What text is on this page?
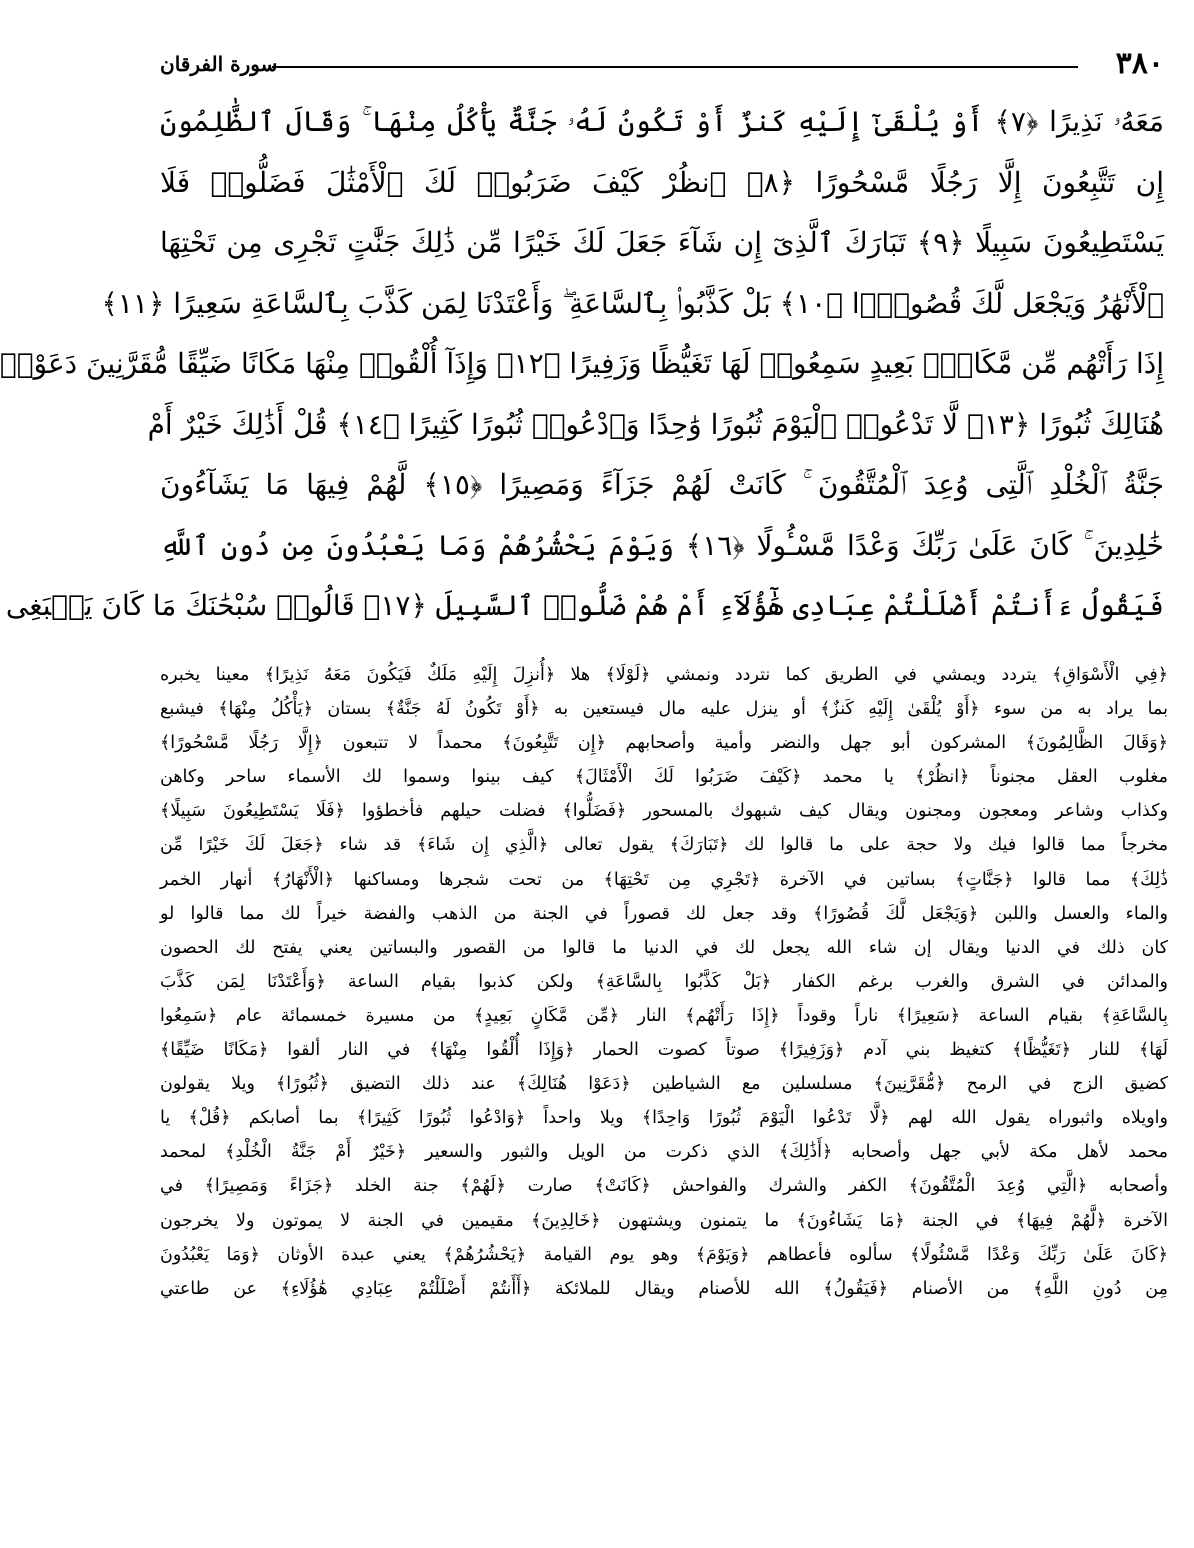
٣٨٠
سورة الفرقان
مَعَهُۥ نَذِيرًا ﴿٧﴾ أَوْ يُلْقَىٰٓ إِلَيْهِ كَنزٌ أَوْ تَكُونُ لَهُۥ جَنَّةٌ يَأْكُلُ مِنْهَا ۚ وَقَالَ ٱلظَّٰلِمُونَ
إِن تَتَّبِعُونَ إِلَّا رَجُلًا مَّسْحُورًا ﴿٨﴾ ٱنظُرْ كَيْفَ ضَرَبُوا۟ لَكَ ٱلْأَمْثَٰلَ فَضَلُّوا۟ فَلَا
يَسْتَطِيعُونَ سَبِيلًا ﴿٩﴾ تَبَارَكَ ٱلَّذِىٓ إِن شَآءَ جَعَلَ لَكَ خَيْرًا مِّن ذَٰلِكَ جَنَّٰتٍ تَجْرِى مِن تَحْتِهَا
ٱلْأَنْهَٰرُ وَيَجْعَل لَّكَ قُصُورًۢا ﴿١٠﴾ بَلْ كَذَّبُوا۟ بِٱلسَّاعَةِ ۖ وَأَعْتَدْنَا لِمَن كَذَّبَ بِٱلسَّاعَةِ سَعِيرًا ﴿١١﴾
إِذَا رَأَتْهُم مِّن مَّكَانٍۭ بَعِيدٍ سَمِعُوا۟ لَهَا تَغَيُّظًا وَزَفِيرًا ﴿١٢﴾ وَإِذَآ أُلْقُوا۟ مِنْهَا مَكَانًا ضَيِّقًا مُّقَرَّنِينَ دَعَوْا۟
هُنَالِكَ ثُبُورًا ﴿١٣﴾ لَّا تَدْعُوا۟ ٱلْيَوْمَ ثُبُورًا وَٰحِدًا وَٱدْعُوا۟ ثُبُورًا كَثِيرًا ﴿١٤﴾ قُلْ أَذَٰلِكَ خَيْرٌ أَمْ
جَنَّةُ ٱلْخُلْدِ ٱلَّتِى وُعِدَ ٱلْمُتَّقُونَ ۚ كَانَتْ لَهُمْ جَزَآءً وَمَصِيرًا ﴿١٥﴾ لَّهُمْ فِيهَا مَا يَشَآءُونَ
خَٰلِدِينَ ۚ كَانَ عَلَىٰ رَبِّكَ وَعْدًا مَّسْـُٔولًا ﴿١٦﴾ وَيَوْمَ يَحْشُرُهُمْ وَمَا يَعْبُدُونَ مِن دُونِ ٱللَّهِ
فَيَقُولُ ءَأَنتُمْ أَضْلَلْتُمْ عِبَادِى هَٰٓؤُلَآءِ أَمْ هُمْ ضَلُّوا۟ ٱلسَّبِيلَ ﴿١٧﴾ قَالُوا۟ سُبْحَٰنَكَ مَا كَانَ يَنۢبَغِى
﴿فِي الْأَسْوَاقِ﴾ يتردد ويمشي في الطريق كما نتردد ونمشي ﴿لَوْلَا﴾ هلا ﴿أُنزِلَ إِلَيْهِ مَلَكٌ فَيَكُونَ مَعَهُ نَذِيرًا﴾ معينا يخبره
بما يراد به من سوء ﴿أَوْ يُلْقَىٰ إِلَيْهِ كَنزٌ﴾ أو ينزل عليه مال فيستعين به ﴿أَوْ تَكُونُ لَهُ جَنَّةٌ﴾ بستان ﴿يَأْكُلُ مِنْهَا﴾ فيشبع
﴿وَقَالَ الظَّالِمُونَ﴾ المشركون أبو جهل والنضر وأمية وأصحابهم ﴿إِن تَتَّبِعُونَ﴾ محمداً لا تتبعون ﴿إِلَّا رَجُلًا مَّسْحُورًا﴾
مغلوب العقل مجنوناً ﴿انظُرْ﴾ يا محمد ﴿كَيْفَ ضَرَبُوا لَكَ الْأَمْثَالَ﴾ كيف بينوا وسموا لك الأسماء ساحر وكاهن
وكذاب وشاعر ومعجون ومجنون ويقال كيف شبهوك بالمسحور ﴿فَضَلُّوا﴾ فضلت حيلهم فأخطؤوا ﴿فَلَا يَسْتَطِيعُونَ سَبِيلًا﴾
مخرجاً مما قالوا فيك ولا حجة على ما قالوا لك ﴿تَبَارَكَ﴾ يقول تعالى ﴿الَّذِي إِن شَاءَ﴾ قد شاء ﴿جَعَلَ لَكَ خَيْرًا مِّن
ذَٰلِكَ﴾ مما قالوا ﴿جَنَّاتٍ﴾ بساتين في الآخرة ﴿تَجْرِي مِن تَحْتِهَا﴾ من تحت شجرها ومساكنها ﴿الْأَنْهَارُ﴾ أنهار الخمر
والماء والعسل واللبن ﴿وَيَجْعَل لَّكَ قُصُورًا﴾ وقد جعل لك قصوراً في الجنة من الذهب والفضة خيراً لك مما قالوا لو
كان ذلك في الدنيا ويقال إن شاء الله يجعل لك في الدنيا ما قالوا من القصور والبساتين يعني يفتح لك الحصون
والمدائن في الشرق والغرب برغم الكفار ﴿بَلْ كَذَّبُوا بِالسَّاعَةِ﴾ ولكن كذبوا بقيام الساعة ﴿وَأَعْتَدْنَا لِمَن كَذَّبَ
بِالسَّاعَةِ﴾ بقيام الساعة ﴿سَعِيرًا﴾ ناراً وقوداً ﴿إِذَا رَأَتْهُم﴾ النار ﴿مِّن مَّكَانٍ بَعِيدٍ﴾ من مسيرة خمسمائة عام ﴿سَمِعُوا
لَهَا﴾ للنار ﴿تَغَيُّظًا﴾ كتغيظ بني آدم ﴿وَزَفِيرًا﴾ صوتاً كصوت الحمار ﴿وَإِذَا أُلْقُوا مِنْهَا﴾ في النار ألقوا ﴿مَكَانًا ضَيِّقًا﴾
كضيق الزج في الرمح ﴿مُّقَرَّنِينَ﴾ مسلسلين مع الشياطين ﴿دَعَوْا هُنَالِكَ﴾ عند ذلك التضيق ﴿ثُبُورًا﴾ ويلا يقولون
واويلاه واثبوراه يقول الله لهم ﴿لَّا تَدْعُوا الْيَوْمَ ثُبُورًا وَاحِدًا﴾ ويلا واحداً ﴿وَادْعُوا ثُبُورًا كَثِيرًا﴾ بما أصابكم ﴿قُلْ﴾ يا
محمد لأهل مكة لأبي جهل وأصحابه ﴿أَذَٰلِكَ﴾ الذي ذكرت من الويل والثبور والسعير ﴿خَيْرٌ أَمْ جَنَّةُ الْخُلْدِ﴾ لمحمد
وأصحابه ﴿الَّتِي وُعِدَ الْمُتَّقُونَ﴾ الكفر والشرك والفواحش ﴿كَانَتْ﴾ صارت ﴿لَهُمْ﴾ جنة الخلد ﴿جَزَاءً وَمَصِيرًا﴾ في
الآخرة ﴿لَّهُمْ فِيهَا﴾ في الجنة ﴿مَا يَشَاءُونَ﴾ ما يتمنون ويشتهون ﴿خَالِدِينَ﴾ مقيمين في الجنة لا يموتون ولا يخرجون
﴿كَانَ عَلَىٰ رَبِّكَ وَعْدًا مَّسْئُولًا﴾ سألوه فأعطاهم ﴿وَيَوْمَ﴾ وهو يوم القيامة ﴿يَحْشُرُهُمْ﴾ يعني عبدة الأوثان ﴿وَمَا يَعْبُدُونَ
مِن دُونِ اللَّهِ﴾ من الأصنام ﴿فَيَقُولُ﴾ الله للأصنام ويقال للملائكة ﴿أَأَنتُمْ أَضْلَلْتُمْ عِبَادِي هَٰؤُلَاءِ﴾ عن طاعتي
